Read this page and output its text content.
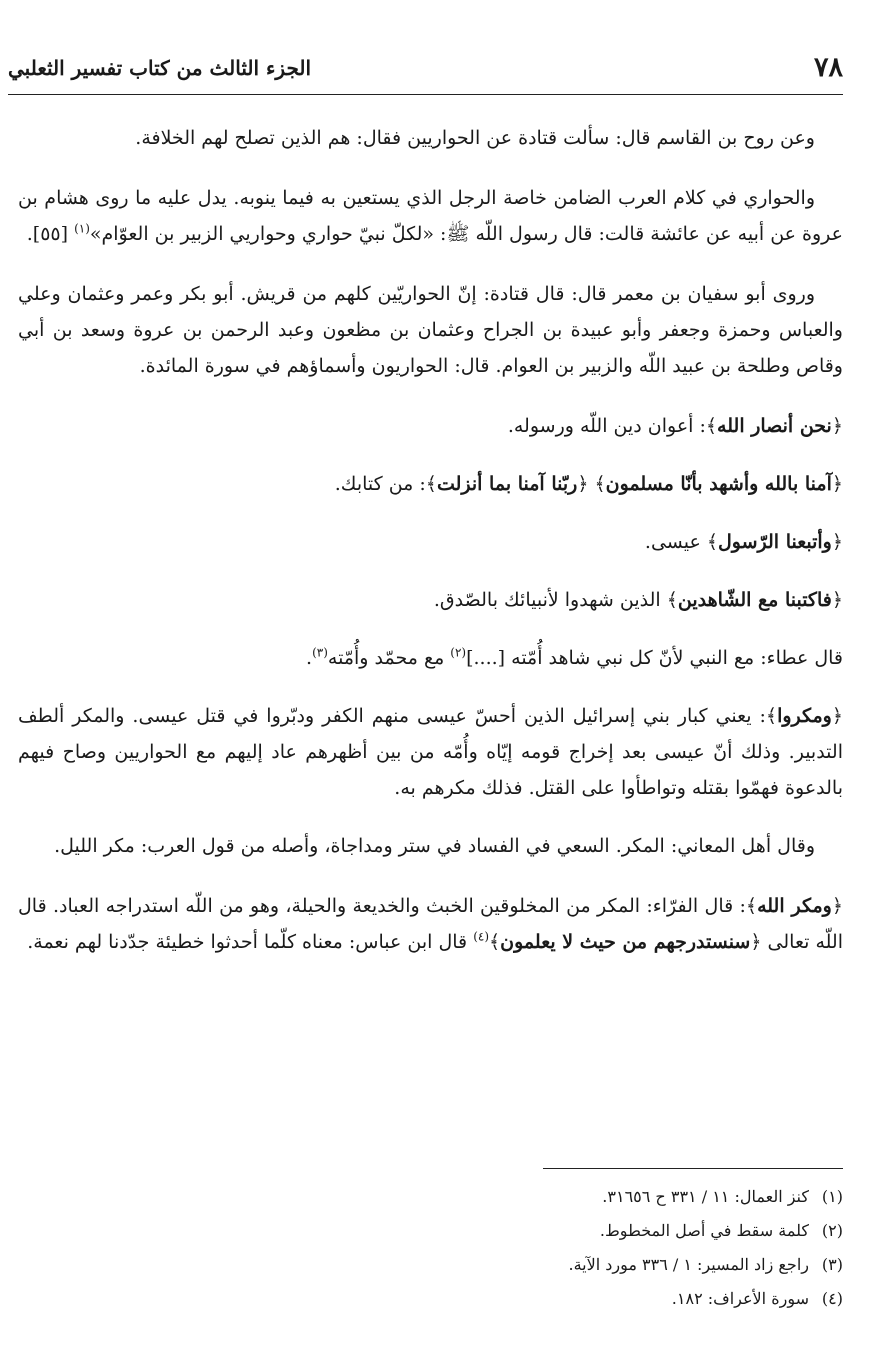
٧٨
الجزء الثالث من كتاب تفسير الثعلبي

وعن روح بن القاسم قال: سألت قتادة عن الحواريين فقال: هم الذين تصلح لهم الخلافة.

والحواري في كلام العرب الضامن خاصة الرجل الذي يستعين به فيما ينوبه. يدل عليه ما روى هشام بن عروة عن أبيه عن عائشة قالت: قال رسول اللّه ﷺ: «لكلّ نبيّ حواري وحواريي الزبير بن العوّام»$^{(١)}$ [٥٥].

وروى أبو سفيان بن معمر قال: قال قتادة: إنّ الحواريّين كلهم من قريش. أبو بكر وعمر وعثمان وعلي والعباس وحمزة وجعفر وأبو عبيدة بن الجراح وعثمان بن مظعون وعبد الرحمن بن عروة وسعد بن أبي وقاص وطلحة بن عبيد اللّه والزبير بن العوام. قال: الحواريون وأسماؤهم في سورة المائدة.

﴿نحن أنصار الله﴾: أعوان دين اللّه ورسوله.

﴿آمنا بالله وأشهد بأنّا مسلمون﴾ ﴿ربّنا آمنا بما أنزلت﴾: من كتابك.

﴿وأتبعنا الرّسول﴾ عيسى.

﴿فاكتبنا مع الشّاهدين﴾ الذين شهدوا لأنبيائك بالصّدق.

قال عطاء: مع النبي لأنّ كل نبي شاهد أُمّته [....]$^{(٢)}$ مع محمّد وأُمّته$^{(٣)}$.

﴿ومكروا﴾: يعني كبار بني إسرائيل الذين أحسّ عيسى منهم الكفر ودبّروا في قتل عيسى. والمكر ألطف التدبير. وذلك أنّ عيسى بعد إخراج قومه إيّاه وأُمّه من بين أظهرهم عاد إليهم مع الحواريين وصاح فيهم بالدعوة فهمّوا بقتله وتواطأوا على القتل. فذلك مكرهم به.

وقال أهل المعاني: المكر. السعي في الفساد في ستر ومداجاة، وأصله من قول العرب: مكر الليل.

﴿ومكر الله﴾: قال الفرّاء: المكر من المخلوقين الخبث والخديعة والحيلة، وهو من اللّه استدراجه العباد. قال اللّه تعالى ﴿سنستدرجهم من حيث لا يعلمون﴾$^{(٤)}$ قال ابن عباس: معناه كلّما أحدثوا خطيئة جدّدنا لهم نعمة.

(١)كنز العمال: ١١ / ٣٣١ ح ٣١٦٥٦.
(٢)كلمة سقط في أصل المخطوط.
(٣)راجع زاد المسير: ١ / ٣٣٦ مورد الآية.
(٤)سورة الأعراف: ١٨٢.
